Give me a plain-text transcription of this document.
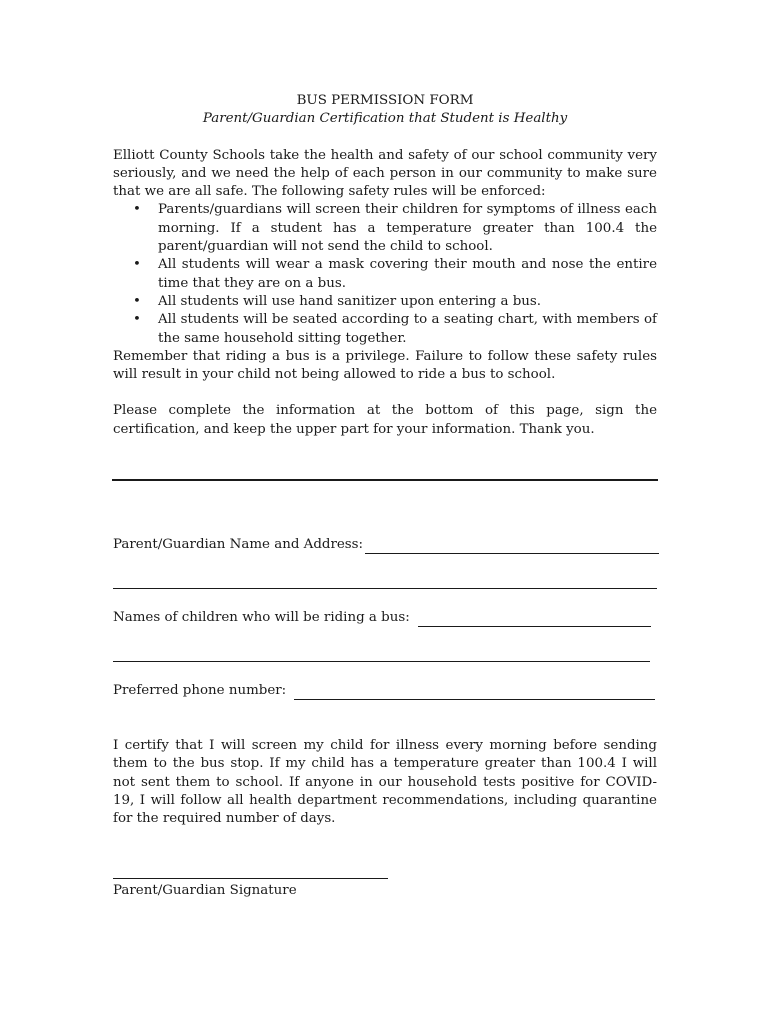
BUS PERMISSION FORM

Parent/Guardian Certification that Student is Healthy

Elliott County Schools take the health and safety of our school community very seriously, and we need the help of each person in our community to make sure that we are all safe. The following safety rules will be enforced:

• Parents/guardians will screen their children for symptoms of illness each morning. If a student has a temperature greater than 100.4 the parent/guardian will not send the child to school.
• All students will wear a mask covering their mouth and nose the entire time that they are on a bus.
• All students will use hand sanitizer upon entering a bus.
• All students will be seated according to a seating chart, with members of the same household sitting together.

Remember that riding a bus is a privilege. Failure to follow these safety rules will result in your child not being allowed to ride a bus to school.

Please complete the information at the bottom of this page, sign the certification, and keep the upper part for your information. Thank you.

Parent/Guardian Name and Address:
Names of children who will be riding a bus:
Preferred phone number:

I certify that I will screen my child for illness every morning before sending them to the bus stop. If my child has a temperature greater than 100.4 I will not sent them to school. If anyone in our household tests positive for COVID-19, I will follow all health department recommendations, including quarantine for the required number of days.

Parent/Guardian Signature
